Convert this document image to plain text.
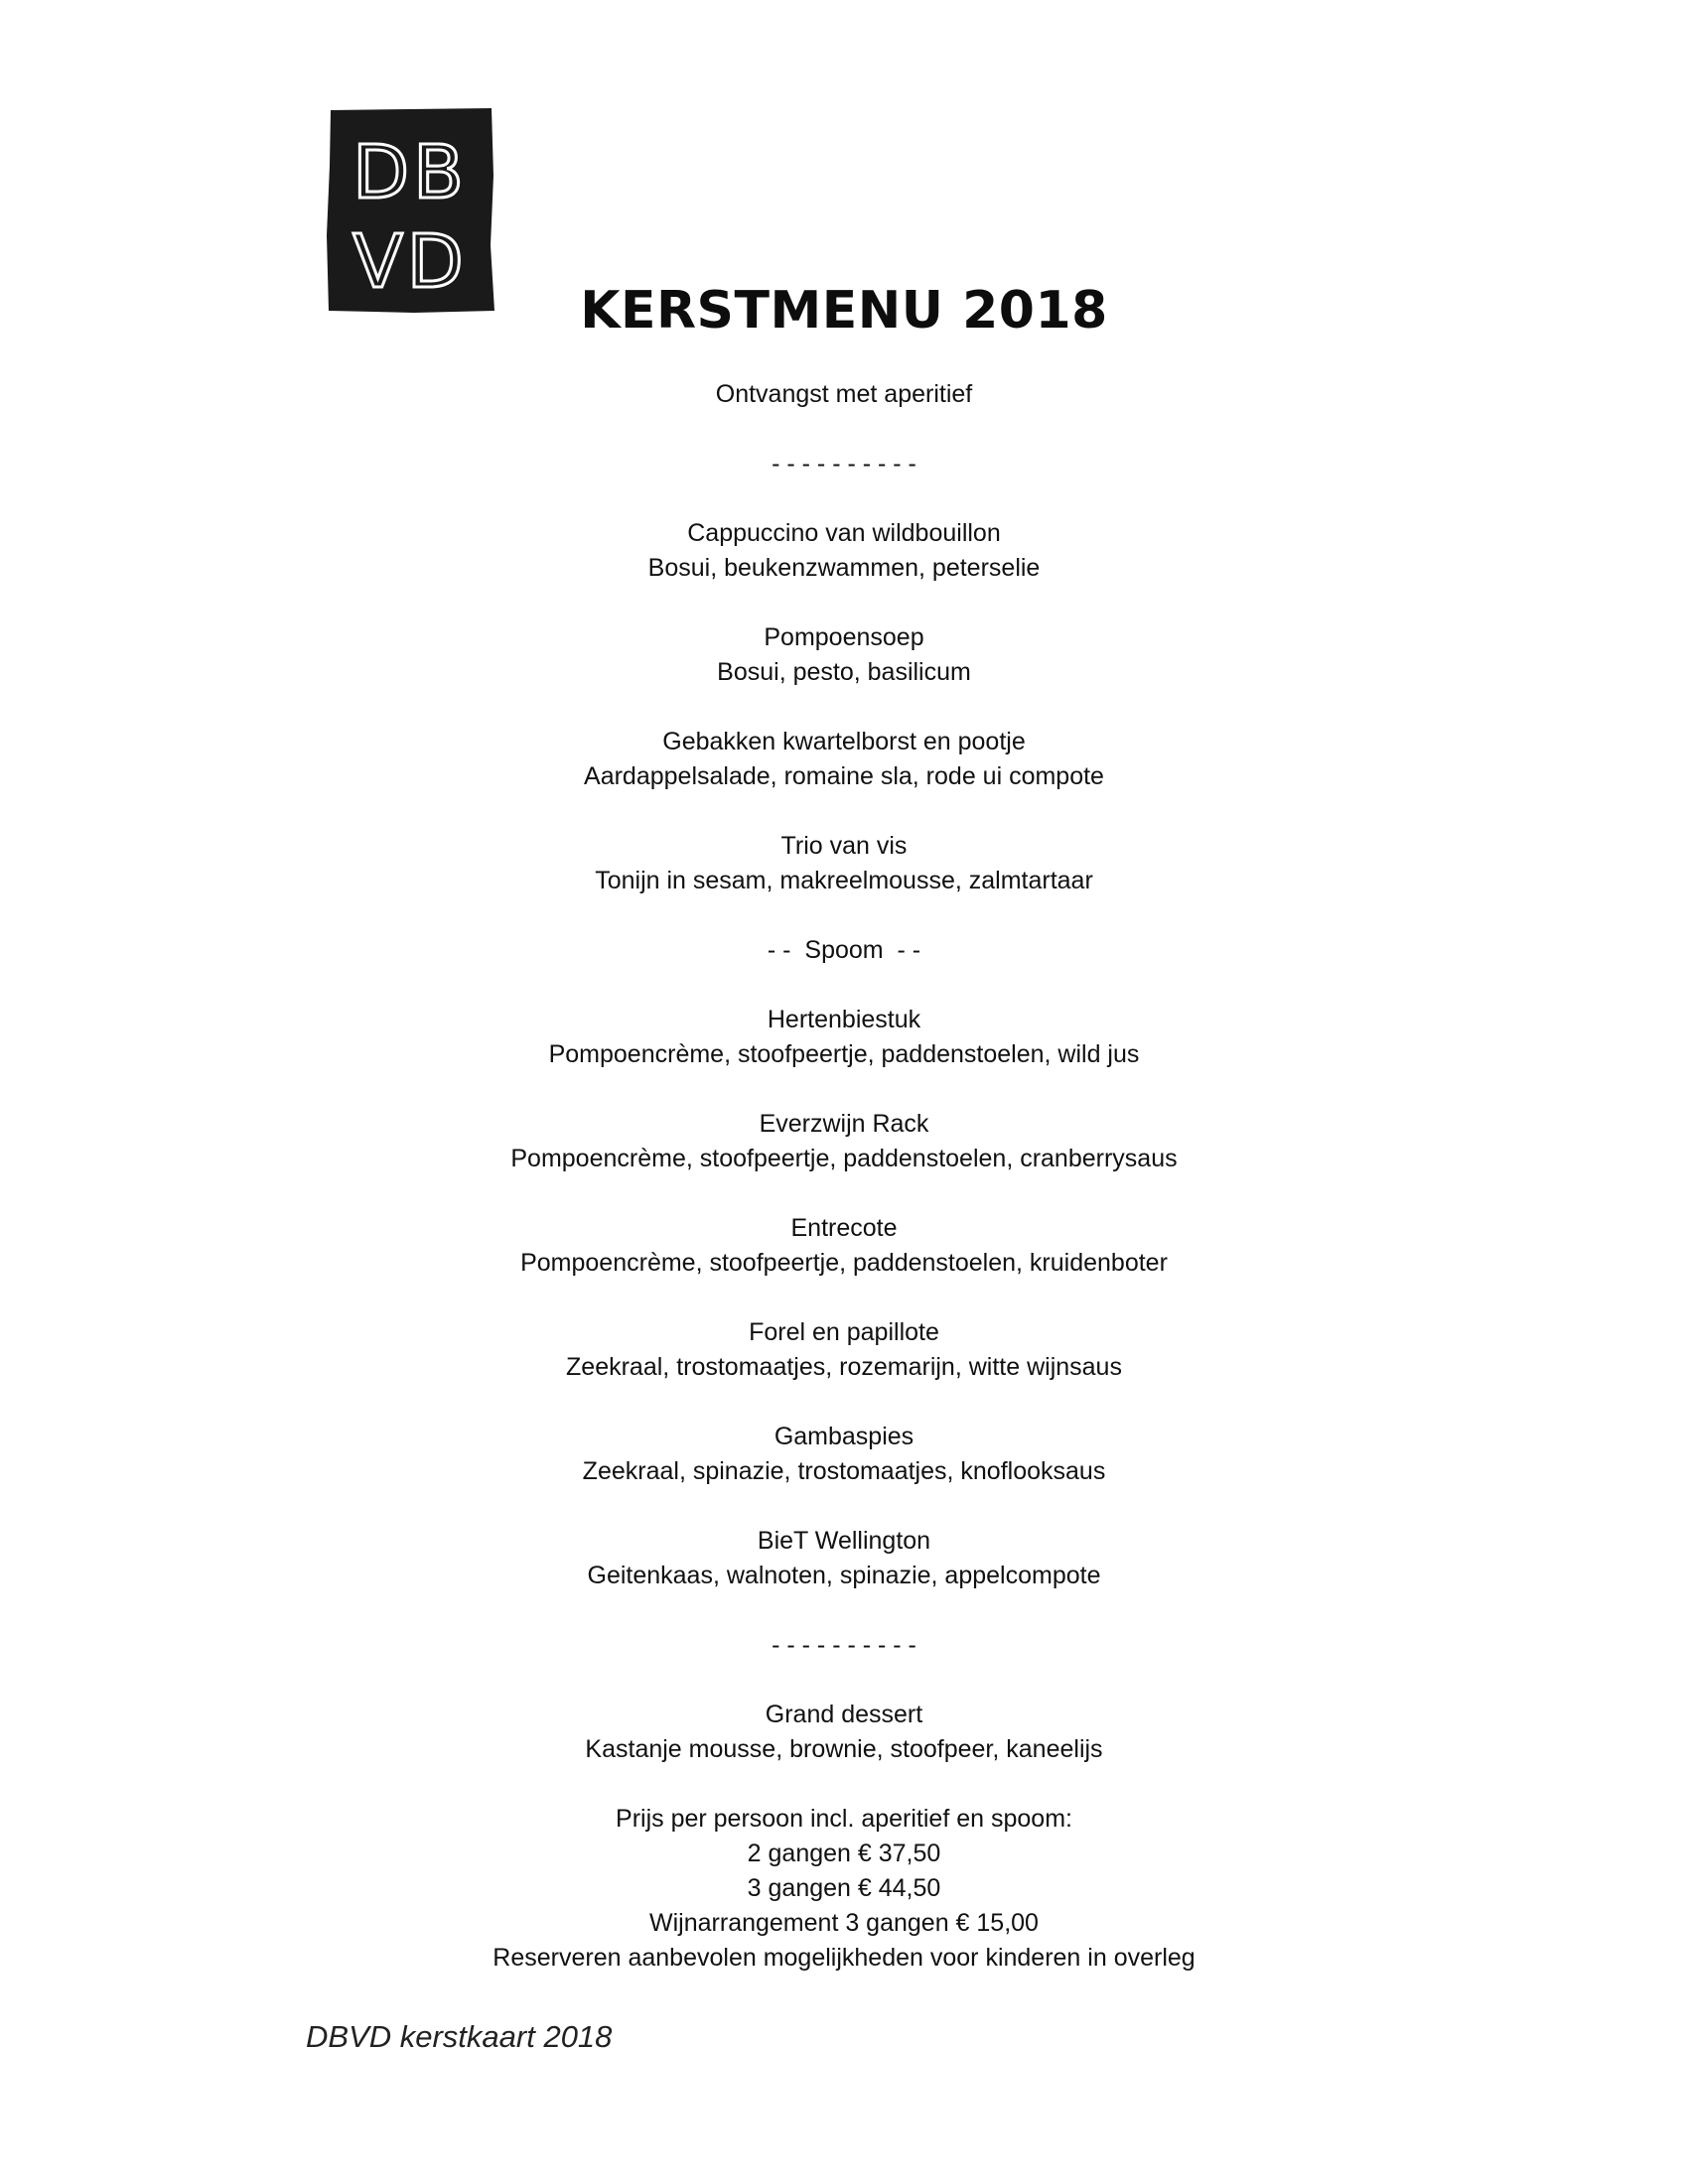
DB
VD
KERSTMENU 2018
Ontvangst met aperitief
- - - - - - - - - -
Cappuccino van wildbouillon
Bosui, beukenzwammen, peterselie
Pompoensoep
Bosui, pesto, basilicum
Gebakken kwartelborst en pootje
Aardappelsalade, romaine sla, rode ui compote
Trio van vis
Tonijn in sesam, makreelmousse, zalmtartaar
- -  Spoom  - -
Hertenbiestuk
Pompoencrème, stoofpeertje, paddenstoelen, wild jus
Everzwijn Rack
Pompoencrème, stoofpeertje, paddenstoelen, cranberrysaus
Entrecote
Pompoencrème, stoofpeertje, paddenstoelen, kruidenboter
Forel en papillote
Zeekraal, trostomaatjes, rozemarijn, witte wijnsaus
Gambaspies
Zeekraal, spinazie, trostomaatjes, knoflooksaus
BieT Wellington
Geitenkaas, walnoten, spinazie, appelcompote
- - - - - - - - - -
Grand dessert
Kastanje mousse, brownie, stoofpeer, kaneelijs
Prijs per persoon incl. aperitief en spoom:
2 gangen € 37,50
3 gangen € 44,50
Wijnarrangement 3 gangen € 15,00
Reserveren aanbevolen mogelijkheden voor kinderen in overleg
DBVD kerstkaart 2018
